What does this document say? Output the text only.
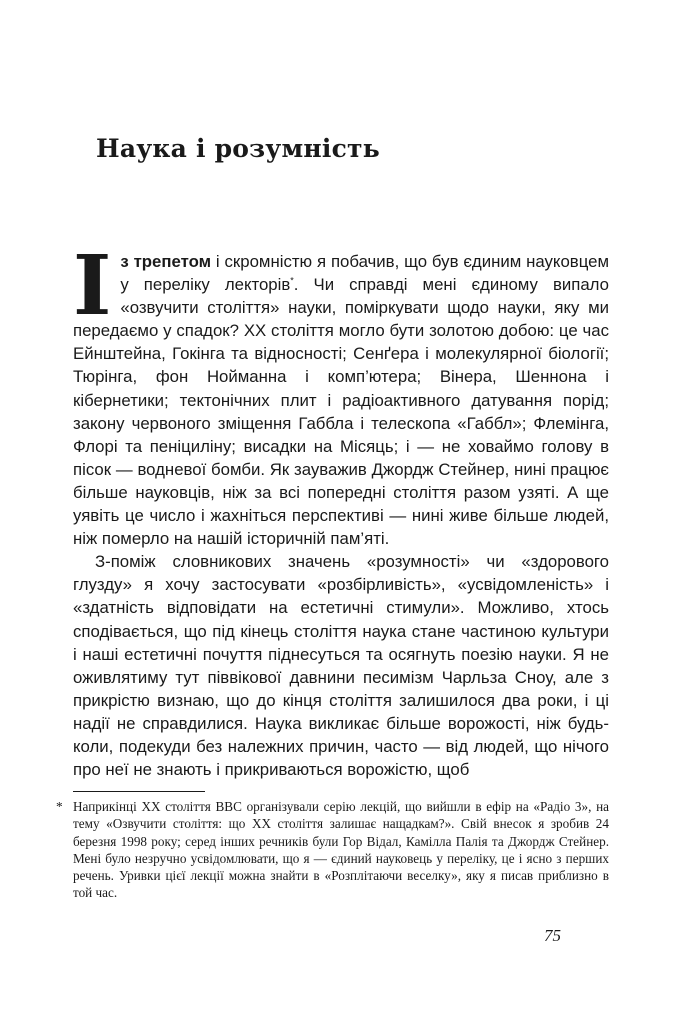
Наука і розумність

Із трепетом і скромністю я побачив, що був єдиним науковцем у переліку лекторів*. Чи справді мені єдиному випало «озвучити століття» науки, поміркувати щодо науки, яку ми передаємо у спадок? ХХ століття могло бути золотою добою: це час Ейнштейна, Гокінга та відносності; Сенґера і молекулярної біології; Тюрінга, фон Ноймaнна і комп’ютера; Вінера, Шеннона і кібернетики; тектонічних плит і радіоактивного датування порід; закону червоного зміщення Габбла і телескопа «Габбл»; Флемінга, Флорі та пеніциліну; висадки на Місяць; і — не ховаймо голову в пісок — водневої бомби. Як зауважив Джордж Стейнер, нині працює більше науковців, ніж за всі попередні століття разом узяті. А ще уявіть це число і жахніться перспективі — нині живе більше людей, ніж померло на нашій історичній пам’яті.

З-поміж словникових значень «розумності» чи «здорового глузду» я хочу застосувати «розбірливість», «усвідомленість» і «здатність відповідати на естетичні стимули». Можливо, хтось сподівається, що під кінець століття наука стане частиною культури і наші естетичні почуття піднесуться та осягнуть поезію науки. Я не оживлятиму тут піввікової давнини песимізм Чарльза Сноу, але з прикрістю визнаю, що до кінця століття залишилося два роки, і ці надії не справдилися. Наука викликає більше ворожості, ніж будь-коли, подекуди без належних причин, часто — від людей, що нічого про неї не знають і прикриваються ворожістю, щоб

* Наприкінці ХХ століття BBC організували серію лекцій, що вийшли в ефір на «Радіо 3», на тему «Озвучити століття: що ХХ століття залишає нащадкам?». Свій внесок я зробив 24 березня 1998 року; серед інших речників були Гор Відал, Камілла Палія та Джордж Стейнер. Мені було незручно усвідомлювати, що я — єдиний науковець у переліку, це і ясно з перших речень. Уривки цієї лекції можна знайти в «Розплітаючи веселку», яку я писав приблизно в той час.

75
